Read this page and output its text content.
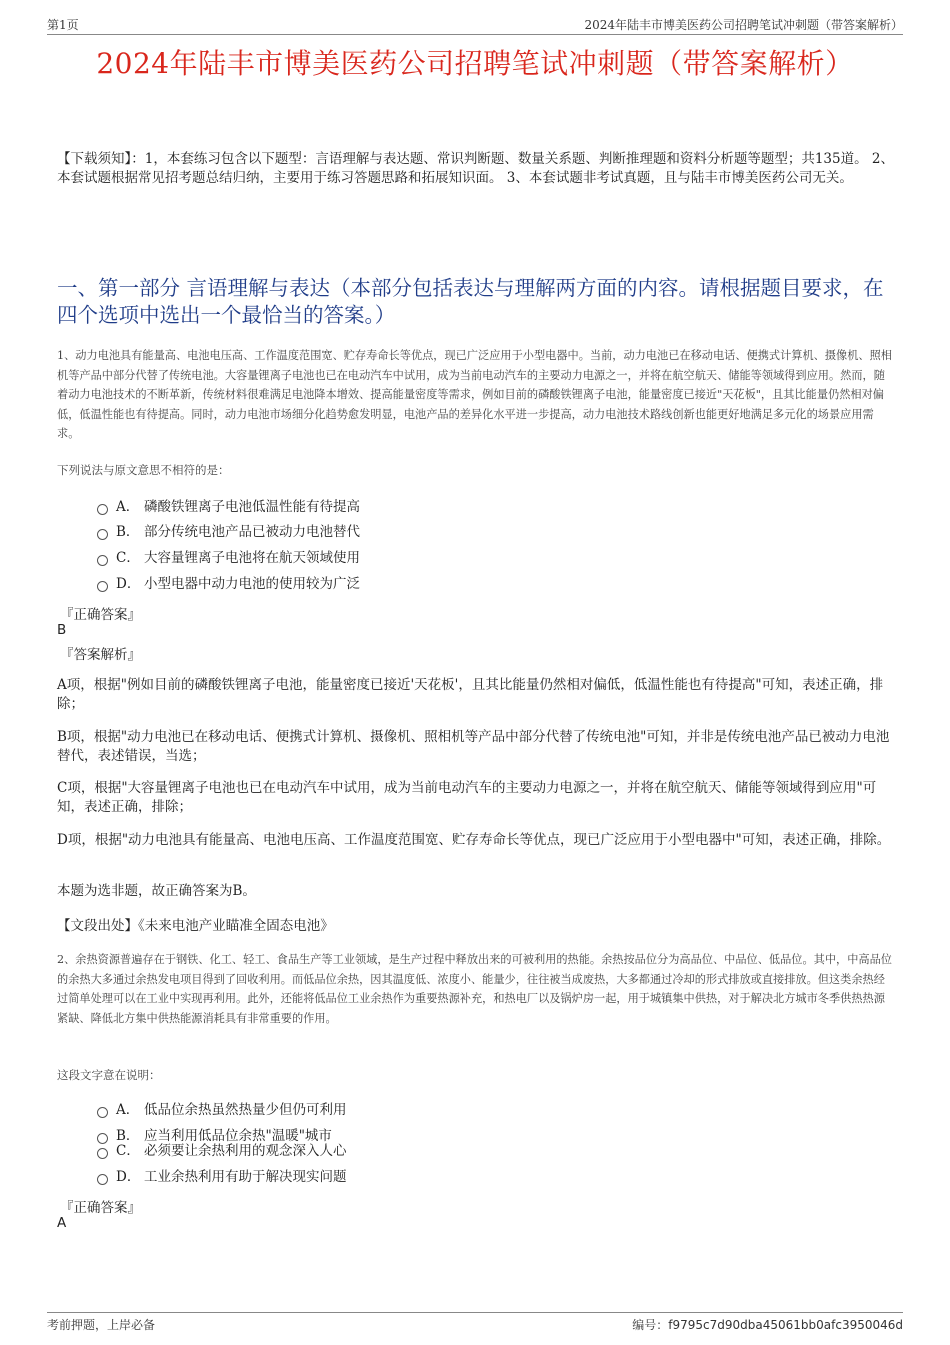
第1页	2024年陆丰市博美医药公司招聘笔试冲刺题（带答案解析）
2024年陆丰市博美医药公司招聘笔试冲刺题（带答案解析）
【下载须知】：1，本套练习包含以下题型：言语理解与表达题、常识判断题、数量关系题、判断推理题和资料分析题等题型；共135道。 2、本套试题根据常见招考题总结归纳，主要用于练习答题思路和拓展知识面。 3、本套试题非考试真题，且与陆丰市博美医药公司无关。
一、第一部分 言语理解与表达（本部分包括表达与理解两方面的内容。请根据题目要求，在四个选项中选出一个最恰当的答案。）
1、动力电池具有能量高、电池电压高、工作温度范围宽、贮存寿命长等优点，现已广泛应用于小型电器中。当前，动力电池已在移动电话、便携式计算机、摄像机、照相机等产品中部分代替了传统电池。大容量锂离子电池也已在电动汽车中试用，成为当前电动汽车的主要动力电源之一，并将在航空航天、储能等领域得到应用。然而，随着动力电池技术的不断革新，传统材料很难满足电池降本增效、提高能量密度等需求，例如目前的磷酸铁锂离子电池，能量密度已接近"天花板"，且其比能量仍然相对偏低，低温性能也有待提高。同时，动力电池市场细分化趋势愈发明显，电池产品的差异化水平进一步提高，动力电池技术路线创新也能更好地满足多元化的场景应用需求。
下列说法与原文意思不相符的是：
A． 磷酸铁锂离子电池低温性能有待提高
B． 部分传统电池产品已被动力电池替代
C． 大容量锂离子电池将在航天领域使用
D． 小型电器中动力电池的使用较为广泛
『正确答案』
B
『答案解析』
A项，根据"例如目前的磷酸铁锂离子电池，能量密度已接近'天花板'，且其比能量仍然相对偏低，低温性能也有待提高"可知，表述正确，排除；
B项，根据"动力电池已在移动电话、便携式计算机、摄像机、照相机等产品中部分代替了传统电池"可知，并非是传统电池产品已被动力电池替代，表述错误，当选；
C项，根据"大容量锂离子电池也已在电动汽车中试用，成为当前电动汽车的主要动力电源之一，并将在航空航天、储能等领域得到应用"可知，表述正确，排除；
D项，根据"动力电池具有能量高、电池电压高、工作温度范围宽、贮存寿命长等优点，现已广泛应用于小型电器中"可知，表述正确，排除。
本题为选非题，故正确答案为B。
【文段出处】《未来电池产业瞄准全固态电池》
2、余热资源普遍存在于钢铁、化工、轻工、食品生产等工业领域，是生产过程中释放出来的可被利用的热能。余热按品位分为高品位、中品位、低品位。其中，中高品位的余热大多通过余热发电项目得到了回收利用。而低品位余热，因其温度低、浓度小、能量少，往往被当成废热，大多都通过冷却的形式排放或直接排放。但这类余热经过简单处理可以在工业中实现再利用。此外，还能将低品位工业余热作为重要热源补充，和热电厂以及锅炉房一起，用于城镇集中供热，对于解决北方城市冬季供热热源紧缺、降低北方集中供热能源消耗具有非常重要的作用。
这段文字意在说明：
A． 低品位余热虽然热量少但仍可利用
B． 应当利用低品位余热"温暖"城市
C． 必须要让余热利用的观念深入人心
D． 工业余热利用有助于解决现实问题
『正确答案』
A
考前押题，上岸必备	编号：f9795c7d90dba45061bb0afc3950046d
